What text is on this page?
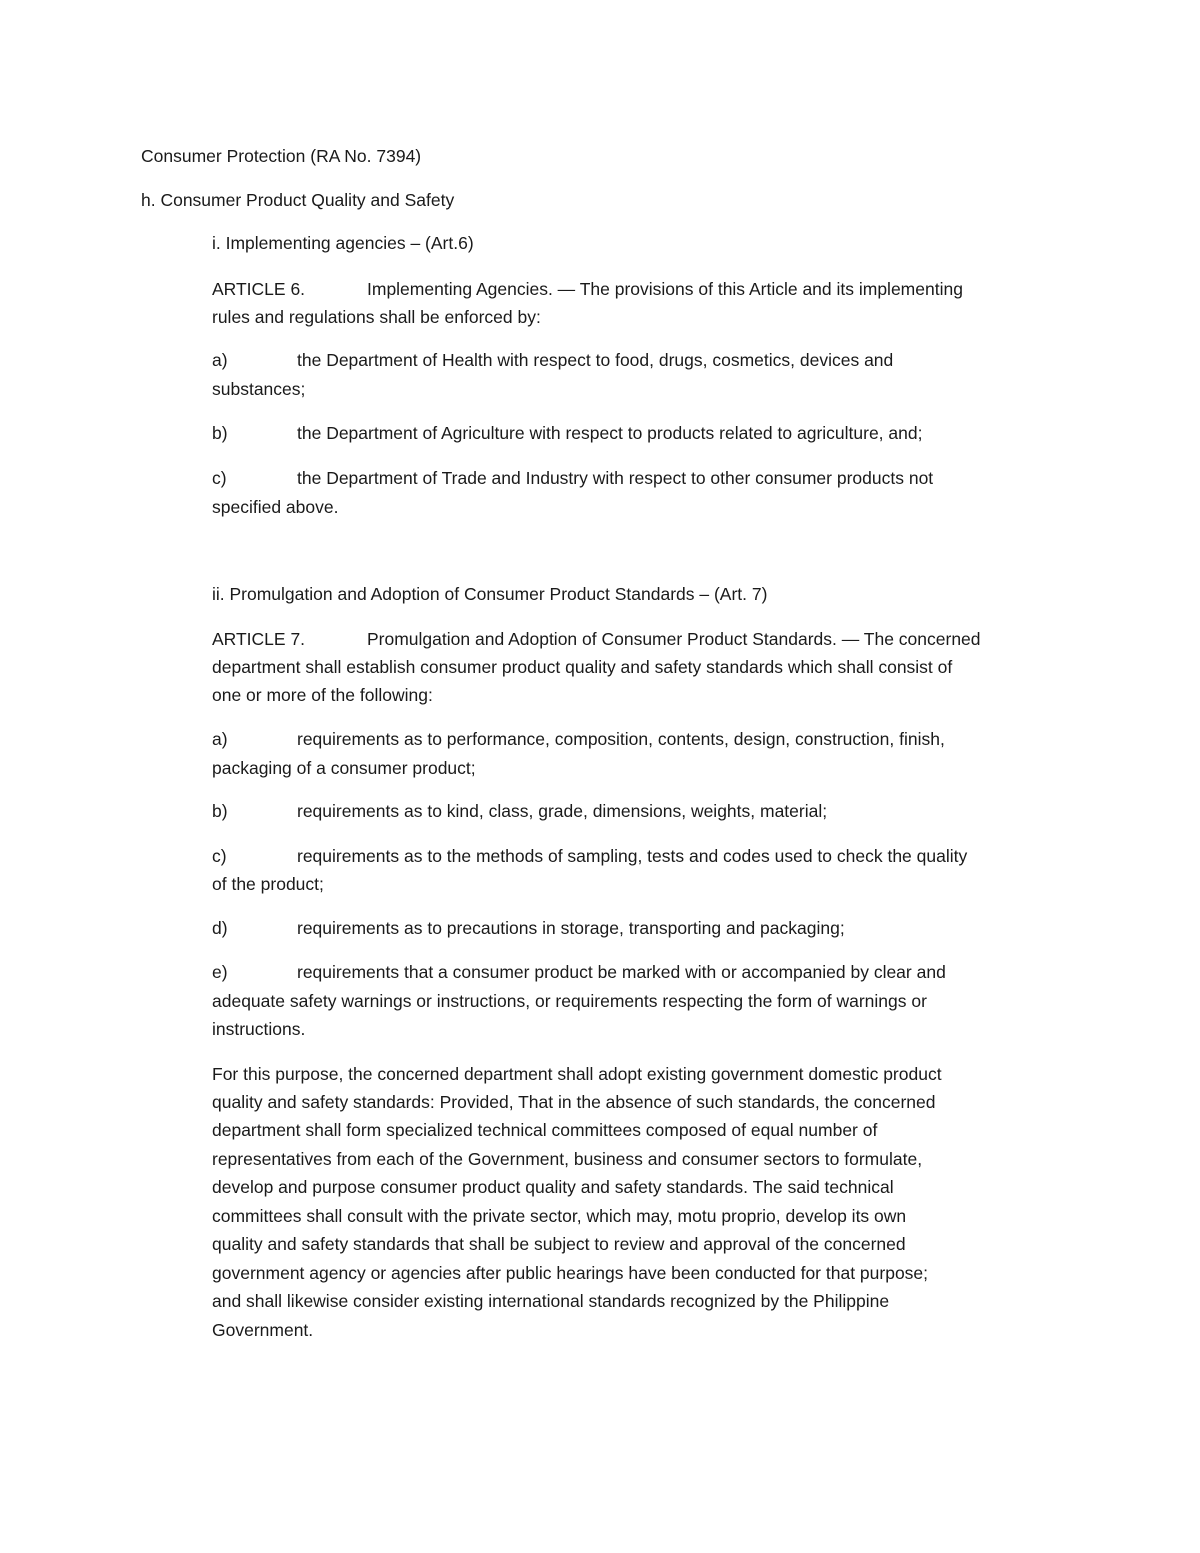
Consumer Protection (RA No. 7394)

h. Consumer Product Quality and Safety

i. Implementing agencies – (Art.6)

ARTICLE 6.	Implementing Agencies. — The provisions of this Article and its implementing

rules and regulations shall be enforced by:

a)	the Department of Health with respect to food, drugs, cosmetics, devices and

substances;

b)	the Department of Agriculture with respect to products related to agriculture, and;

c)	the Department of Trade and Industry with respect to other consumer products not

specified above.

ii. Promulgation and Adoption of Consumer Product Standards – (Art. 7)

ARTICLE 7.	Promulgation and Adoption of Consumer Product Standards. — The concerned

department shall establish consumer product quality and safety standards which shall consist of

one or more of the following:

a)	requirements as to performance, composition, contents, design, construction, finish,

packaging of a consumer product;

b)	requirements as to kind, class, grade, dimensions, weights, material;

c)	requirements as to the methods of sampling, tests and codes used to check the quality

of the product;

d)	requirements as to precautions in storage, transporting and packaging;

e)	requirements that a consumer product be marked with or accompanied by clear and

adequate safety warnings or instructions, or requirements respecting the form of warnings or

instructions.

For this purpose, the concerned department shall adopt existing government domestic product

quality and safety standards: Provided, That in the absence of such standards, the concerned

department shall form specialized technical committees composed of equal number of

representatives from each of the Government, business and consumer sectors to formulate,

develop and purpose consumer product quality and safety standards. The said technical

committees shall consult with the private sector, which may, motu proprio, develop its own

quality and safety standards that shall be subject to review and approval of the concerned

government agency or agencies after public hearings have been conducted for that purpose;

and shall likewise consider existing international standards recognized by the Philippine

Government.
